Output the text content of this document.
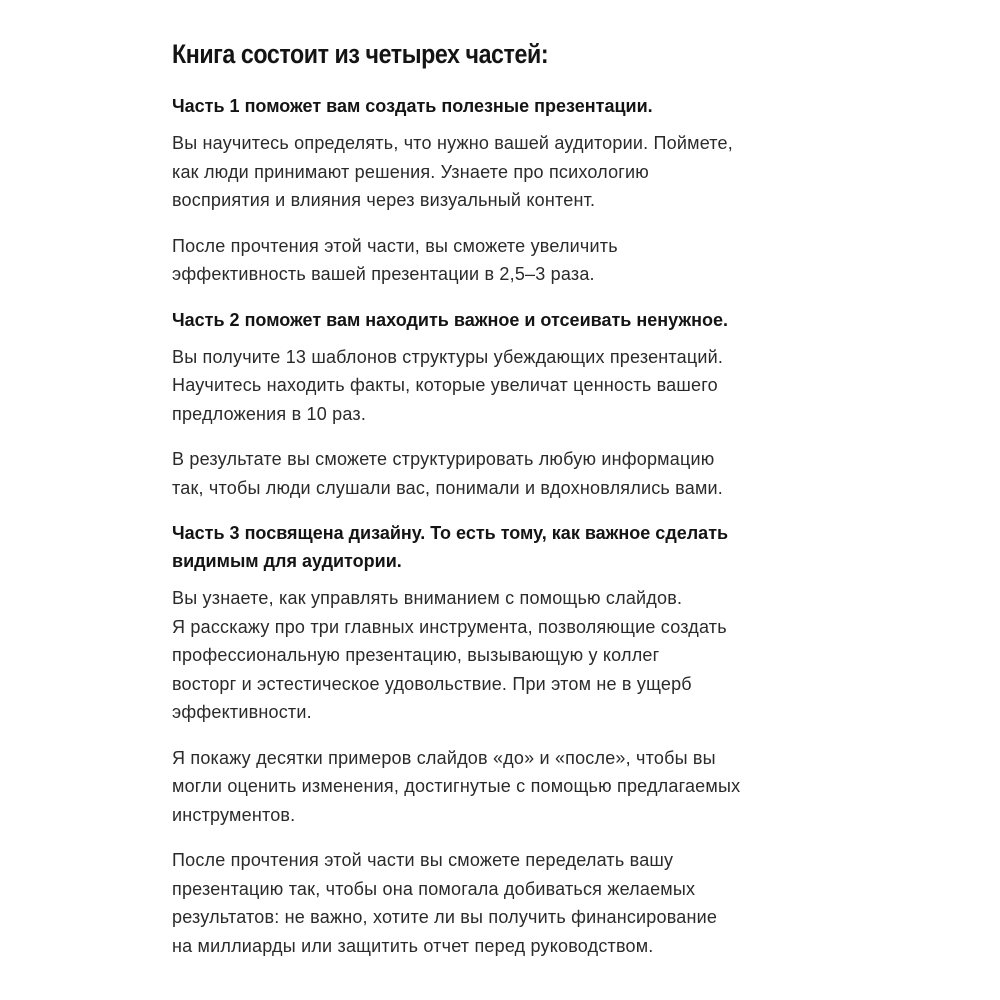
Книга состоит из четырех частей:
Часть 1 поможет вам создать полезные презентации.

Вы научитесь определять, что нужно вашей аудитории. Поймете,
как люди принимают решения. Узнаете про психологию
восприятия и влияния через визуальный контент.

После прочтения этой части, вы сможете увеличить
эффективность вашей презентации в 2,5–3 раза.

Часть 2 поможет вам находить важное и отсеивать ненужное.

Вы получите 13 шаблонов структуры убеждающих презентаций.
Научитесь находить факты, которые увеличат ценность вашего
предложения в 10 раз.

В результате вы сможете структурировать любую информацию
так, чтобы люди слушали вас, понимали и вдохновлялись вами.

Часть 3 посвящена дизайну. То есть тому, как важное сделать
видимым для аудитории.

Вы узнаете, как управлять вниманием с помощью слайдов.
Я расскажу про три главных инструмента, позволяющие создать
профессиональную презентацию, вызывающую у коллег
восторг и эстестическое удовольствие. При этом не в ущерб
эффективности.

Я покажу десятки примеров слайдов «до» и «после», чтобы вы
могли оценить изменения, достигнутые с помощью предлагаемых
инструментов.

После прочтения этой части вы сможете переделать вашу
презентацию так, чтобы она помогала добиваться желаемых
результатов: не важно, хотите ли вы получить финансирование
на миллиарды или защитить отчет перед руководством.
